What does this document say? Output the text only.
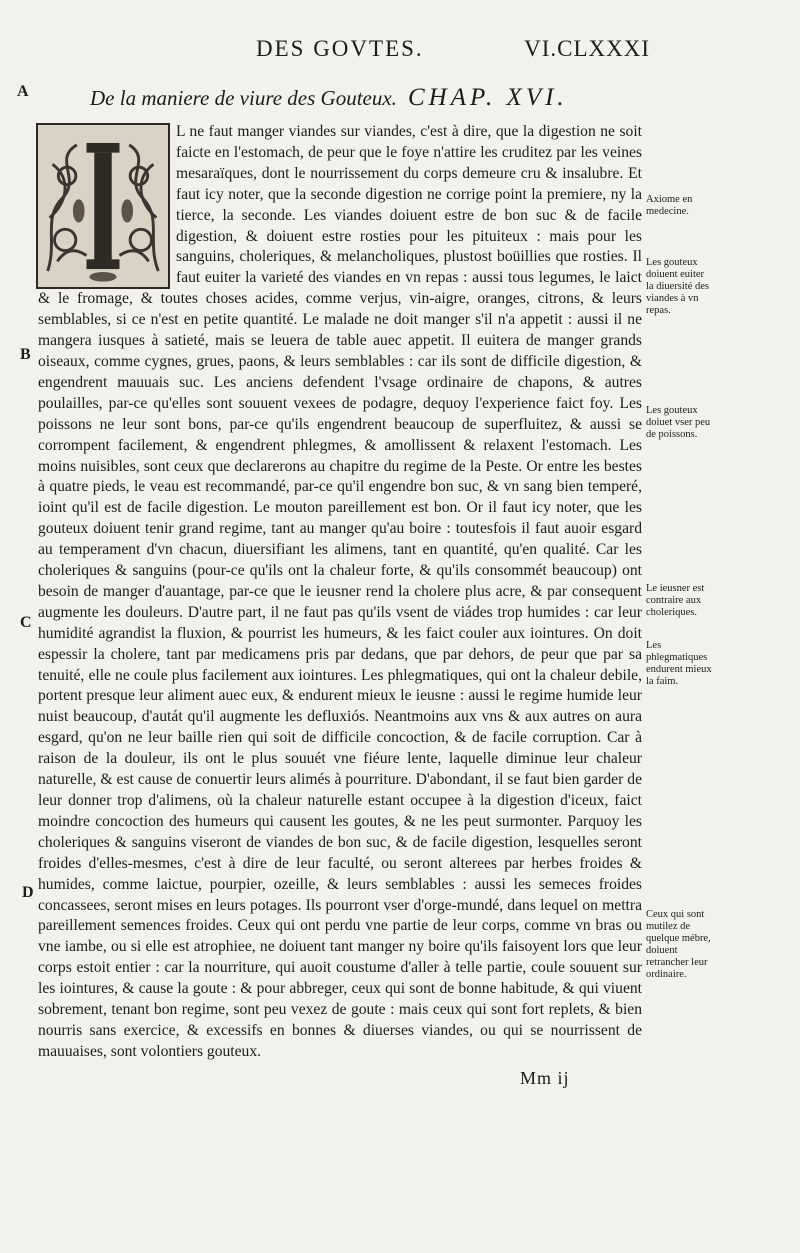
DES GOVTES.	VI.CLXXXI
A
B
C
D
De la maniere de viure des Gouteux. CHAP. XVI.

L ne faut manger viandes sur viandes, c'est à dire, que la digestion ne soit faicte en l'estomach, de peur que le foye n'attire les cruditez par les veines mesaraïques, dont le nourrissement du corps demeure cru & insalubre. Et faut icy noter, que la seconde digestion ne corrige point la premiere, ny la tierce, la seconde. Les viandes doiuent estre de bon suc & de facile digestion, & doiuent estre rosties pour les pituiteux : mais pour les sanguins, choleriques, & melancholiques, plustost boüillies que rosties. Il faut euiter la varieté des viandes en vn repas : aussi tous legumes, le laict & le fromage, & toutes choses acides, comme verjus, vin-aigre, oranges, citrons, & leurs semblables, si ce n'est en petite quantité. Le malade ne doit manger s'il n'a appetit : aussi il ne mangera iusques à satieté, mais se leuera de table auec appetit. Il euitera de manger grands oiseaux, comme cygnes, grues, paons, & leurs semblables : car ils sont de difficile digestion, & engendrent mauuais suc. Les anciens defendent l'vsage ordinaire de chapons, & autres poulailles, par-ce qu'elles sont souuent vexees de podagre, dequoy l'experience faict foy. Les poissons ne leur sont bons, par-ce qu'ils engendrent beaucoup de superfluitez, & aussi se corrompent facilement, & engendrent phlegmes, & amollissent & relaxent l'estomach. Les moins nuisibles, sont ceux que declarerons au chapitre du regime de la Peste. Or entre les bestes à quatre pieds, le veau est recommandé, par-ce qu'il engendre bon suc, & vn sang bien temperé, ioint qu'il est de facile digestion. Le mouton pareillement est bon. Or il faut icy noter, que les gouteux doiuent tenir grand regime, tant au manger qu'au boire : toutesfois il faut auoir esgard au temperament d'vn chacun, diuersifiant les alimens, tant en quantité, qu'en qualité. Car les choleriques & sanguins (pour-ce qu'ils ont la chaleur forte, & qu'ils consommét beaucoup) ont besoin de manger d'auantage, par-ce que le ieusner rend la cholere plus acre, & par consequent augmente les douleurs. D'autre part, il ne faut pas qu'ils vsent de viádes trop humides : car leur humidité agrandist la fluxion, & pourrist les humeurs, & les faict couler aux iointures. On doit espessir la cholere, tant par medicamens pris par dedans, que par dehors, de peur que par sa tenuité, elle ne coule plus facilement aux iointures. Les phlegmatiques, qui ont la chaleur debile, portent presque leur aliment auec eux, & endurent mieux le ieusne : aussi le regime humide leur nuist beaucoup, d'autát qu'il augmente les defluxiós. Neantmoins aux vns & aux autres on aura esgard, qu'on ne leur baille rien qui soit de difficile concoction, & de facile corruption. Car à raison de la douleur, ils ont le plus souuét vne fiéure lente, laquelle diminue leur chaleur naturelle, & est cause de conuertir leurs alimés à pourriture. D'abondant, il se faut bien garder de leur donner trop d'alimens, où la chaleur naturelle estant occupee à la digestion d'iceux, faict moindre concoction des humeurs qui causent les goutes, & ne les peut surmonter. Parquoy les choleriques & sanguins viseront de viandes de bon suc, & de facile digestion, lesquelles seront froides d'elles-mesmes, c'est à dire de leur faculté, ou seront alterees par herbes froides & humides, comme laictue, pourpier, ozeille, & leurs semblables : aussi les semeces froides concassees, seront mises en leurs potages. Ils pourront vser d'orge-mundé, dans lequel on mettra pareillement semences froides. Ceux qui ont perdu vne partie de leur corps, comme vn bras ou vne iambe, ou si elle est atrophiee, ne doiuent tant manger ny boire qu'ils faisoyent lors que leur corps estoit entier : car la nourriture, qui auoit coustume d'aller à telle partie, coule souuent sur les iointures, & cause la goute : & pour abbreger, ceux qui sont de bonne habitude, & qui viuent sobrement, tenant bon regime, sont peu vexez de goute : mais ceux qui sont fort replets, & bien nourris sans exercice, & excessifs en bonnes & diuerses viandes, ou qui se nourrissent de mauuaises, sont volontiers gouteux.

Axiome en medecine.
Les gouteux doiuent euiter la diuersité des viandes à vn repas.
Les gouteux doiuet vser peu de poissons.
Le ieusner est contraire aux choleriques.
Les phlegmatiques endurent mieux la faim.
Ceux qui sont mutilez de quelque mébre, doiuent retrancher leur ordinaire.
Mm ij
